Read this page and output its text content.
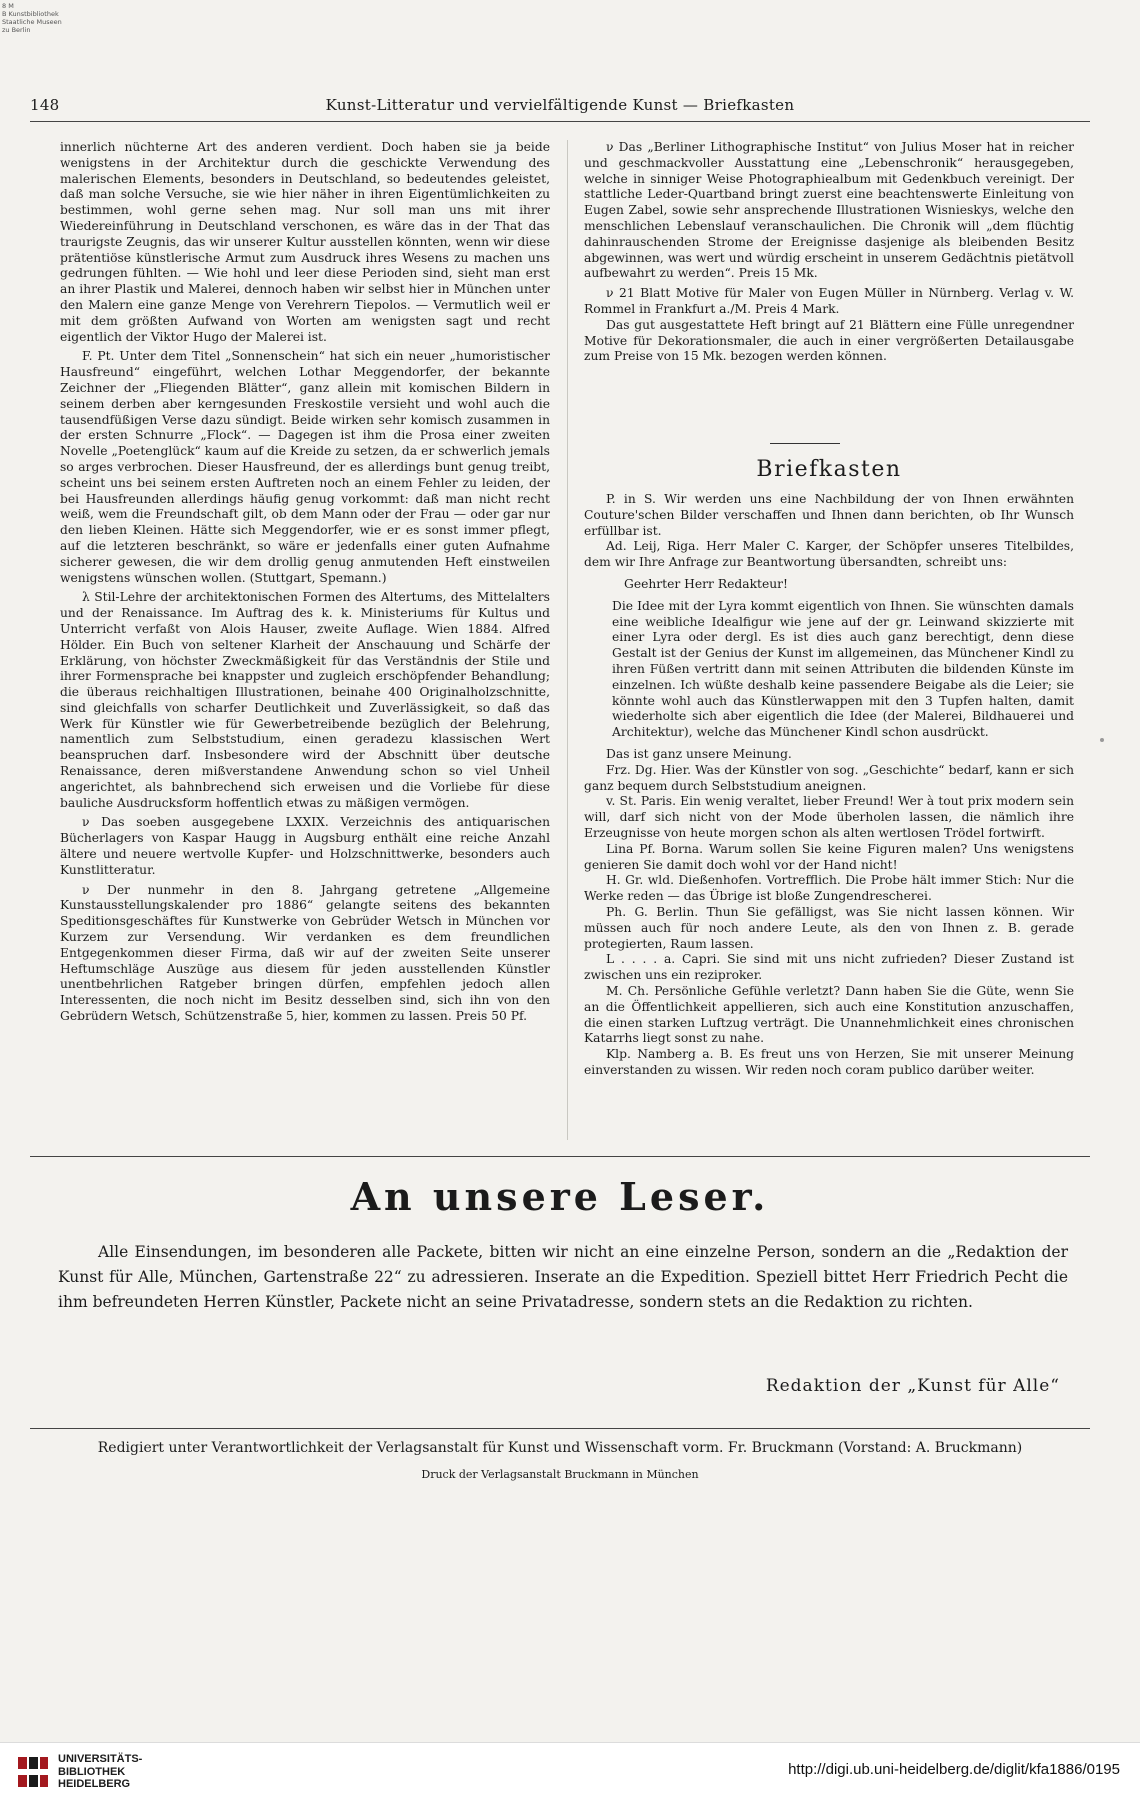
8 M
B Kunstbibliothek
Staatliche Museen
zu Berlin
Kunst-Litteratur und vervielfältigende Kunst — Briefkasten
148

innerlich nüchterne Art des anderen verdient. Doch haben sie ja beide wenigstens in der Architektur durch die geschickte Verwendung des malerischen Elements, besonders in Deutschland, so bedeutendes geleistet, daß man solche Versuche, sie wie hier näher in ihren Eigentümlichkeiten zu bestimmen, wohl gerne sehen mag. Nur soll man uns mit ihrer Wiedereinführung in Deutschland verschonen, es wäre das in der That das traurigste Zeugnis, das wir unserer Kultur ausstellen könnten, wenn wir diese prätentiöse künstlerische Armut zum Ausdruck ihres Wesens zu machen uns gedrungen fühlten. — Wie hohl und leer diese Perioden sind, sieht man erst an ihrer Plastik und Malerei, dennoch haben wir selbst hier in München unter den Malern eine ganze Menge von Verehrern Tiepolos. — Vermutlich weil er mit dem größten Aufwand von Worten am wenigsten sagt und recht eigentlich der Viktor Hugo der Malerei ist.

F. Pt. Unter dem Titel „Sonnenschein“ hat sich ein neuer „humoristischer Hausfreund“ eingeführt, welchen Lothar Meggendorfer, der bekannte Zeichner der „Fliegenden Blätter“, ganz allein mit komischen Bildern in seinem derben aber kerngesunden Freskostile versieht und wohl auch die tausendfüßigen Verse dazu sündigt. Beide wirken sehr komisch zusammen in der ersten Schnurre „Flock“. — Dagegen ist ihm die Prosa einer zweiten Novelle „Poetenglück“ kaum auf die Kreide zu setzen, da er schwerlich jemals so arges verbrochen. Dieser Hausfreund, der es allerdings bunt genug treibt, scheint uns bei seinem ersten Auftreten noch an einem Fehler zu leiden, der bei Hausfreunden allerdings häufig genug vorkommt: daß man nicht recht weiß, wem die Freundschaft gilt, ob dem Mann oder der Frau — oder gar nur den lieben Kleinen. Hätte sich Meggendorfer, wie er es sonst immer pflegt, auf die letzteren beschränkt, so wäre er jedenfalls einer guten Aufnahme sicherer gewesen, die wir dem drollig genug anmutenden Heft einstweilen wenigstens wünschen wollen. (Stuttgart, Spemann.)

λ Stil-Lehre der architektonischen Formen des Altertums, des Mittelalters und der Renaissance. Im Auftrag des k. k. Ministeriums für Kultus und Unterricht verfaßt von Alois Hauser, zweite Auflage. Wien 1884. Alfred Hölder. Ein Buch von seltener Klarheit der Anschauung und Schärfe der Erklärung, von höchster Zweckmäßigkeit für das Verständnis der Stile und ihrer Formensprache bei knappster und zugleich erschöpfender Behandlung; die überaus reichhaltigen Illustrationen, beinahe 400 Originalholzschnitte, sind gleichfalls von scharfer Deutlichkeit und Zuverlässigkeit, so daß das Werk für Künstler wie für Gewerbetreibende bezüglich der Belehrung, namentlich zum Selbststudium, einen geradezu klassischen Wert beanspruchen darf. Insbesondere wird der Abschnitt über deutsche Renaissance, deren mißverstandene Anwendung schon so viel Unheil angerichtet, als bahnbrechend sich erweisen und die Vorliebe für diese bauliche Ausdrucksform hoffentlich etwas zu mäßigen vermögen.

ν Das soeben ausgegebene LXXIX. Verzeichnis des antiquarischen Bücherlagers von Kaspar Haugg in Augsburg enthält eine reiche Anzahl ältere und neuere wertvolle Kupfer- und Holzschnittwerke, besonders auch Kunstlitteratur.

ν Der nunmehr in den 8. Jahrgang getretene „Allgemeine Kunstausstellungskalender pro 1886“ gelangte seitens des bekannten Speditionsgeschäftes für Kunstwerke von Gebrüder Wetsch in München vor Kurzem zur Versendung. Wir verdanken es dem freundlichen Entgegenkommen dieser Firma, daß wir auf der zweiten Seite unserer Heftumschläge Auszüge aus diesem für jeden ausstellenden Künstler unentbehrlichen Ratgeber bringen dürfen, empfehlen jedoch allen Interessenten, die noch nicht im Besitz desselben sind, sich ihn von den Gebrüdern Wetsch, Schützenstraße 5, hier, kommen zu lassen. Preis 50 Pf.

ν Das „Berliner Lithographische Institut“ von Julius Moser hat in reicher und geschmackvoller Ausstattung eine „Lebenschronik“ herausgegeben, welche in sinniger Weise Photographiealbum mit Gedenkbuch vereinigt. Der stattliche Leder-Quartband bringt zuerst eine beachtenswerte Einleitung von Eugen Zabel, sowie sehr ansprechende Illustrationen Wisnieskys, welche den menschlichen Lebenslauf veranschaulichen. Die Chronik will „dem flüchtig dahinrauschenden Strome der Ereignisse dasjenige als bleibenden Besitz abgewinnen, was wert und würdig erscheint in unserem Gedächtnis pietätvoll aufbewahrt zu werden“. Preis 15 Mk.

ν 21 Blatt Motive für Maler von Eugen Müller in Nürnberg. Verlag v. W. Rommel in Frankfurt a./M. Preis 4 Mark.

Das gut ausgestattete Heft bringt auf 21 Blättern eine Fülle unregendner Motive für Dekorationsmaler, die auch in einer vergrößerten Detailausgabe zum Preise von 15 Mk. bezogen werden können.

Briefkasten

P. in S. Wir werden uns eine Nachbildung der von Ihnen erwähnten Couture'schen Bilder verschaffen und Ihnen dann berichten, ob Ihr Wunsch erfüllbar ist.

Ad. Leij, Riga. Herr Maler C. Karger, der Schöpfer unseres Titelbildes, dem wir Ihre Anfrage zur Beantwortung übersandten, schreibt uns:

Geehrter Herr Redakteur!

Die Idee mit der Lyra kommt eigentlich von Ihnen. Sie wünschten damals eine weibliche Idealfigur wie jene auf der gr. Leinwand skizzierte mit einer Lyra oder dergl. Es ist dies auch ganz berechtigt, denn diese Gestalt ist der Genius der Kunst im allgemeinen, das Münchener Kindl zu ihren Füßen vertritt dann mit seinen Attributen die bildenden Künste im einzelnen. Ich wüßte deshalb keine passendere Beigabe als die Leier; sie könnte wohl auch das Künstlerwappen mit den 3 Tupfen halten, damit wiederholte sich aber eigentlich die Idee (der Malerei, Bildhauerei und Architektur), welche das Münchener Kindl schon ausdrückt.

Das ist ganz unsere Meinung.

Frz. Dg. Hier. Was der Künstler von sog. „Geschichte“ bedarf, kann er sich ganz bequem durch Selbststudium aneignen.

v. St. Paris. Ein wenig veraltet, lieber Freund! Wer à tout prix modern sein will, darf sich nicht von der Mode überholen lassen, die nämlich ihre Erzeugnisse von heute morgen schon als alten wertlosen Trödel fortwirft.

Lina Pf. Borna. Warum sollen Sie keine Figuren malen? Uns wenigstens genieren Sie damit doch wohl vor der Hand nicht!

H. Gr. wld. Dießenhofen. Vortrefflich. Die Probe hält immer Stich: Nur die Werke reden — das Übrige ist bloße Zungendrescherei.

Ph. G. Berlin. Thun Sie gefälligst, was Sie nicht lassen können. Wir müssen auch für noch andere Leute, als den von Ihnen z. B. gerade protegierten, Raum lassen.

L . . . . a. Capri. Sie sind mit uns nicht zufrieden? Dieser Zustand ist zwischen uns ein reziproker.

M. Ch. Persönliche Gefühle verletzt? Dann haben Sie die Güte, wenn Sie an die Öffentlichkeit appellieren, sich auch eine Konstitution anzuschaffen, die einen starken Luftzug verträgt. Die Unannehmlichkeit eines chronischen Katarrhs liegt sonst zu nahe.

Klp. Namberg a. B. Es freut uns von Herzen, Sie mit unserer Meinung einverstanden zu wissen. Wir reden noch coram publico darüber weiter.

An unsere Leser.

Alle Einsendungen, im besonderen alle Packete, bitten wir nicht an eine einzelne Person, sondern an die „Redaktion der Kunst für Alle, München, Gartenstraße 22“ zu adressieren. Inserate an die Expedition. Speziell bittet Herr Friedrich Pecht die ihm befreundeten Herren Künstler, Packete nicht an seine Privatadresse, sondern stets an die Redaktion zu richten.

Redaktion der „Kunst für Alle“
Redigiert unter Verantwortlichkeit der Verlagsanstalt für Kunst und Wissenschaft vorm. Fr. Bruckmann (Vorstand: A. Bruckmann)
Druck der Verlagsanstalt Bruckmann in München
UNIVERSITÄTS-
BIBLIOTHEK
HEIDELBERG
http://digi.ub.uni-heidelberg.de/diglit/kfa1886/0195
